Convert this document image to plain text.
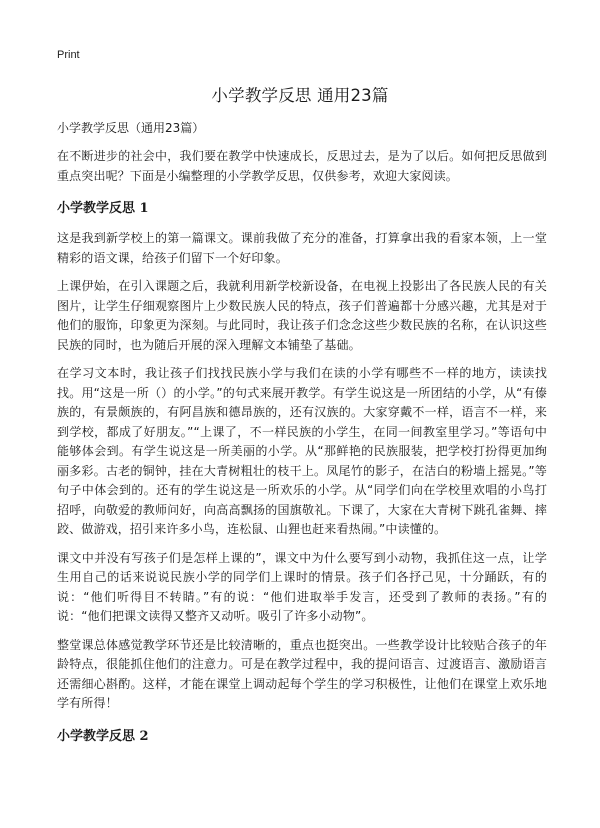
Print
小学教学反思 通用23篇
小学教学反思（通用23篇）

在不断进步的社会中，我们要在教学中快速成长，反思过去，是为了以后。如何把反思做到重点突出呢？下面是小编整理的小学教学反思，仅供参考，欢迎大家阅读。

小学教学反思 1

这是我到新学校上的第一篇课文。课前我做了充分的准备，打算拿出我的看家本领，上一堂精彩的语文课，给孩子们留下一个好印象。

上课伊始，在引入课题之后，我就利用新学校新设备，在电视上投影出了各民族人民的有关图片，让学生仔细观察图片上少数民族人民的特点，孩子们普遍都十分感兴趣，尤其是对于他们的服饰，印象更为深刻。与此同时，我让孩子们念念这些少数民族的名称，在认识这些民族的同时，也为随后开展的深入理解文本铺垫了基础。

在学习文本时，我让孩子们找找民族小学与我们在读的小学有哪些不一样的地方，读读找找。用“这是一所（）的小学。”的句式来展开教学。有学生说这是一所团结的小学，从“有傣族的，有景颇族的，有阿昌族和德昂族的，还有汉族的。大家穿戴不一样，语言不一样，来到学校，都成了好朋友。”“上课了，不一样民族的小学生，在同一间教室里学习。”等语句中能够体会到。有学生说这是一所美丽的小学。从“那鲜艳的民族服装，把学校打扮得更加绚丽多彩。古老的铜钟，挂在大青树粗壮的枝干上。凤尾竹的影子，在洁白的粉墙上摇晃。”等句子中体会到的。还有的学生说这是一所欢乐的小学。从“同学们向在学校里欢唱的小鸟打招呼，向敬爱的教师问好，向高高飘扬的国旗敬礼。下课了，大家在大青树下跳孔雀舞、摔跤、做游戏，招引来许多小鸟，连松鼠、山狸也赶来看热闹。”中读懂的。

课文中并没有写孩子们是怎样上课的”，课文中为什么要写到小动物，我抓住这一点，让学生用自己的话来说说民族小学的同学们上课时的情景。孩子们各抒己见，十分踊跃，有的说：“他们听得目不转睛。”有的说：“他们进取举手发言，还受到了教师的表扬。”有的说：“他们把课文读得又整齐又动听。吸引了许多小动物”。

整堂课总体感觉教学环节还是比较清晰的，重点也挺突出。一些教学设计比较贴合孩子的年龄特点，很能抓住他们的注意力。可是在教学过程中，我的提问语言、过渡语言、激励语言还需细心斟酌。这样，才能在课堂上调动起每个学生的学习积极性，让他们在课堂上欢乐地学有所得！

小学教学反思 2
